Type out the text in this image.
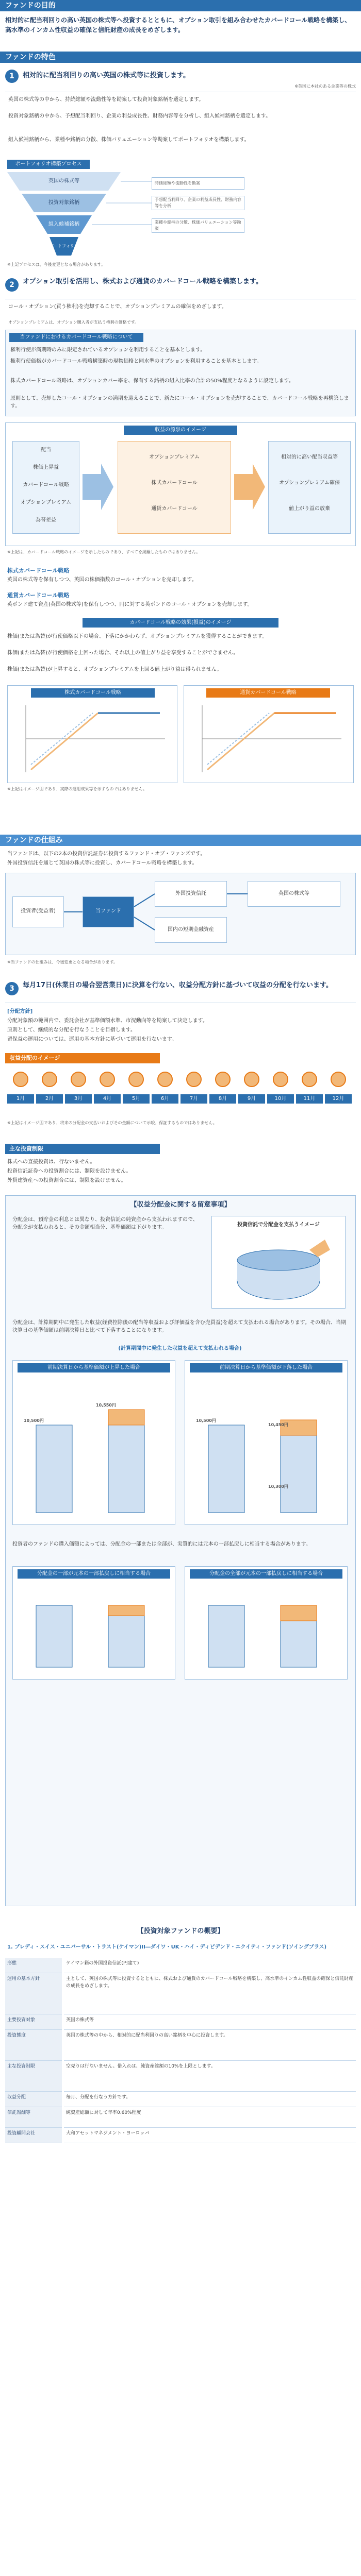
ファンドの目的
相対的に配当利回りの高い英国の株式等へ投資するとともに、オプション取引を組み合わせたカバードコール戦略を構築し、高水準のインカム性収益の確保と信託財産の成長をめざします。
ファンドの特色
1	相対的に配当利回りの高い英国の株式等に投資します。
※英国に本社のある企業等の株式
英国の株式等の中から、持続総額や流動性等を勘案して投資対象銘柄を選定します。
投資対象銘柄の中から、予想配当利回り、企業の利益成長性、財務内容等を分析し、組入候補銘柄を選定します。
組入候補銘柄から、業種や銘柄の分散、株価バリュエーション等勘案してポートフォリオを構築します。
ポートフォリオ構築プロセス
英国の株式等
投資対象銘柄
組入候補銘柄
ポートフォリオ
時価総額や流動性を勘案
予想配当利回り、企業の利益成長性、財務内容等を分析
業種や銘柄の分散、株価バリュエーション等勘案
※上記プロセスは、今後変更となる場合があります。
2	オプション取引を活用し、株式および通貨のカバードコール戦略を構築します。
コール・オプション(買う権利)を売却することで、オプションプレミアムの確保をめざします。
オプションプレミアムは、オプション購入者が支払う権利の価格です。
当ファンドにおけるカバードコール戦略について
権利行使が満期時のみに限定されているオプションを利用することを基本とします。
権利行使価格がカバードコール戦略構築時の現物価格と同水準のオプションを利用することを基本とします。
株式カバードコール戦略は、オプションカバー率を、保有する銘柄の組入比率の合計の50%程度となるように設定します。
原則として、売却したコール・オプションの満期を迎えることで、新たにコール・オプションを売却することで、カバードコール戦略を再構築します。
収益の源泉のイメージ
配当
株価上昇益
カバードコール戦略
オプションプレミアム
為替差益
オプションプレミアム
株式カバードコール
通貨カバードコール
相対的に高い配当収益等
オプションプレミアム確保
値上がり益の放棄
※上記は、カバードコール戦略のイメージを示したものであり、すべてを網羅したものではありません。
株式カバードコール戦略
英国の株式等を保有しつつ、英国の株価指数のコール・オプションを売却します。
通貨カバードコール戦略
英ポンド建て資産(英国の株式等)を保有しつつ、円に対する英ポンドのコール・オプションを売却します。
カバードコール戦略の効果(損益)のイメージ
株価(または為替)が行使価格以下の場合、下落にかかわらず、オプションプレミアムを獲得することができます。
株価(または為替)が行使価格を上回った場合、それ以上の値上がり益を享受することができません。
株価(または為替)が上昇すると、オプションプレミアムを上回る値上がり益は得られません。
株式カバードコール戦略	通貨カバードコール戦略
※上記はイメージ図であり、実際の運用成果等を示すものではありません。
ファンドの仕組み
当ファンドは、以下の2本の投資信託証券に投資するファンド・オブ・ファンズです。
外国投資信託を通じて英国の株式等に投資し、カバードコール戦略を構築します。
投資者(受益者)	当ファンド
外国投資信託
国内の短期金融資産
英国の株式等
※当ファンドの仕組みは、今後変更となる場合があります。
3	毎月17日(休業日の場合翌営業日)に決算を行ない、収益分配方針に基づいて収益の分配を行ないます。
[分配方針]
分配対象額の範囲内で、委託会社が基準価額水準、市況動向等を勘案して決定します。
原則として、継続的な分配を行なうことを目指します。
留保益の運用については、運用の基本方針に基づいて運用を行ないます。
収益分配のイメージ
1月	2月	3月	4月	5月	6月	7月	8月	9月	10月	11月	12月
※上記はイメージ図であり、将来の分配金の支払いおよびその金額について示唆、保証するものではありません。
主な投資制限
株式への直接投資は、行ないません。
投資信託証券への投資割合には、制限を設けません。
外貨建資産への投資割合には、制限を設けません。
【収益分配金に関する留意事項】
分配金は、預貯金の利息とは異なり、投資信託の純資産から支払われますので、分配金が支払われると、その金額相当分、基準価額は下がります。	投資信託で分配金を支払うイメージ
分配金は、計算期間中に発生した収益(経費控除後の配当等収益および評価益を含む売買益)を超えて支払われる場合があります。その場合、当期決算日の基準価額は前期決算日と比べて下落することになります。
(計算期間中に発生した収益を超えて支払われる場合)
前期決算日から基準価額が上昇した場合
10,500円
10,550円
前期決算日から基準価額が下落した場合
10,500円
10,450円
10,300円
投資者のファンドの購入価額によっては、分配金の一部または全部が、実質的には元本の一部払戻しに相当する場合があります。
分配金の一部が元本の一部払戻しに相当する場合	分配金の全部が元本の一部払戻しに相当する場合
【投資対象ファンドの概要】
1. ブレディ・スイス・ユニバーサル・トラスト(ケイマン)II―ダイワ・UK・ハイ・ディビデンド・エクイティ・ファンド(ソイングプラス)
形態	ケイマン籍の外国投資信託(円建て)
運用の基本方針	主として、英国の株式等に投資するとともに、株式および通貨のカバードコール戦略を構築し、高水準のインカム性収益の確保と信託財産の成長をめざします。
主要投資対象	英国の株式等
投資態度	英国の株式等の中から、相対的に配当利回りの高い銘柄を中心に投資します。
主な投資制限	空売りは行ないません。借入れは、純資産総額の10%を上限とします。
収益分配	毎月、分配を行なう方針です。
信託報酬等	純資産総額に対して年率0.60%程度
投資顧問会社	大和アセットマネジメント・ヨーロッパ
